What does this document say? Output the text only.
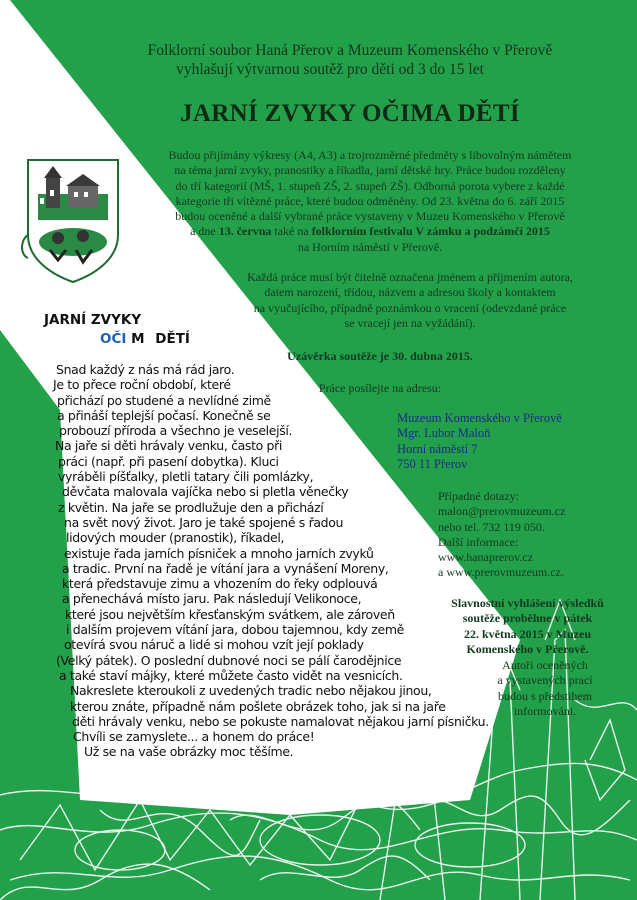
Folklorní soubor Haná Přerov a Muzeum Komenského v Přerově
vyhlašují výtvarnou soutěž pro děti od 3 do 15 let
JARNÍ ZVYKY OČIMA DĚTÍ
Budou přijímány výkresy (A4, A3) a trojrozměrné předměty s libovolným námětem
na téma jarní zvyky, pranostiky a říkadla, jarní dětské hry. Práce budou rozděleny
do tří kategorií (MŠ, 1. stupeň ZŠ, 2. stupeň ZŠ). Odborná porota vybere z každé
kategorie tři vítězné práce, které budou odměněny. Od 23. května do 6. září 2015
budou oceněné a další vybrané práce vystaveny v Muzeu Komenského v Přerově
a dne 13. června také na folklorním festivalu V zámku a podzámčí 2015
na Horním náměstí v Přerově.
Každá práce musí být čitelně označena jménem a příjmením autora,
datem narození, třídou, názvem a adresou školy a kontaktem
na vyučujícího, případně poznámkou o vracení (odevzdané práce
se vracejí jen na vyžádání).
Uzávěrka soutěže je 30. dubna 2015.
Práce posílejte na adresu:
Muzeum Komenského v Přerově
Mgr. Lubor Maloň
Horní náměstí 7
750 11 Přerov
Případné dotazy:
malon@prerovmuzeum.cz
nebo tel. 732 119 050.
Další informace:
www.hanaprerov.cz
a www.prerovmuzeum.cz.
Slavnostní vyhlášení výsledků
soutěže proběhne v pátek
22. května 2015 v Muzeu
Komenského v Přerově.
Autoři oceněných
a vystavených prací
budou s předstihem
informováni.
JARNÍ ZVYKY
OČI M DĚTÍ
Snad každý z nás má rád jaro.
Je to přece roční období, které
přichází po studené a nevlídné zimě
a přináší teplejší počasí. Konečně se
probouzí příroda a všechno je veselejší.
Na jaře si děti hrávaly venku, často při
práci (např. při pasení dobytka). Kluci
vyráběli píšťalky, pletli tatary čili pomlázky,
děvčata malovala vajíčka nebo si pletla věnečky
z květin. Na jaře se prodlužuje den a přichází
na svět nový život. Jaro je také spojené s řadou
lidových mouder (pranostik), říkadel,
existuje řada jarních písniček a mnoho jarních zvyků
a tradic. První na řadě je vítání jara a vynášení Moreny,
která představuje zimu a vhozením do řeky odplouvá
a přenechává místo jaru. Pak následují Velikonoce,
které jsou největším křesťanským svátkem, ale zároveň
i dalším projevem vítání jara, dobou tajemnou, kdy země
otevírá svou náruč a lidé si mohou vzít její poklady
(Velký pátek). O poslední dubnové noci se pálí čarodějnice
a také staví májky, které můžete často vidět na vesnicích.
Nakreslete kteroukoli z uvedených tradic nebo nějakou jinou,
kterou znáte, případně nám pošlete obrázek toho, jak si na jaře
děti hrávaly venku, nebo se pokuste namalovat nějakou jarní písničku.
Chvíli se zamyslete... a honem do práce!
Už se na vaše obrázky moc těšíme.
